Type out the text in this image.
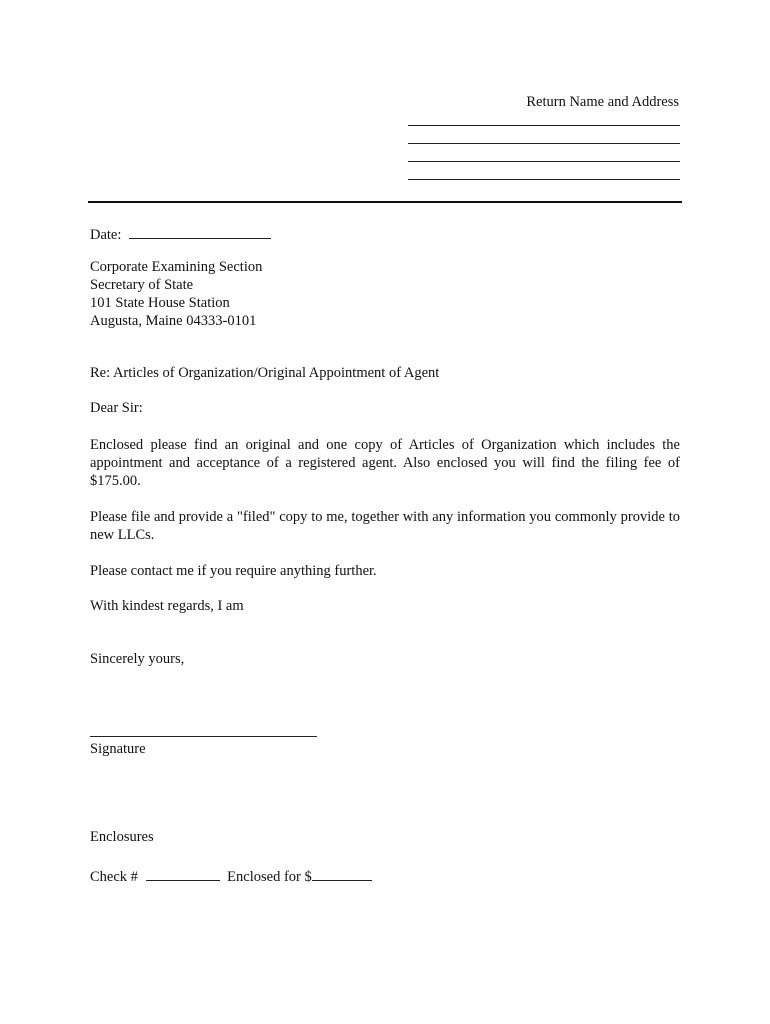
Return Name and Address

Date:

Corporate Examining Section
Secretary of State
101 State House Station
Augusta, Maine 04333-0101

Re: Articles of Organization/Original Appointment of Agent

Dear Sir:

Enclosed please find an original and one copy of Articles of Organization which includes the appointment and acceptance of a registered agent. Also enclosed you will find the filing fee of $175.00.

Please file and provide a "filed" copy to me, together with any information you commonly provide to new LLCs.

Please contact me if you require anything further.

With kindest regards, I am

Sincerely yours,

Signature

Enclosures

Check #	Enclosed for $
